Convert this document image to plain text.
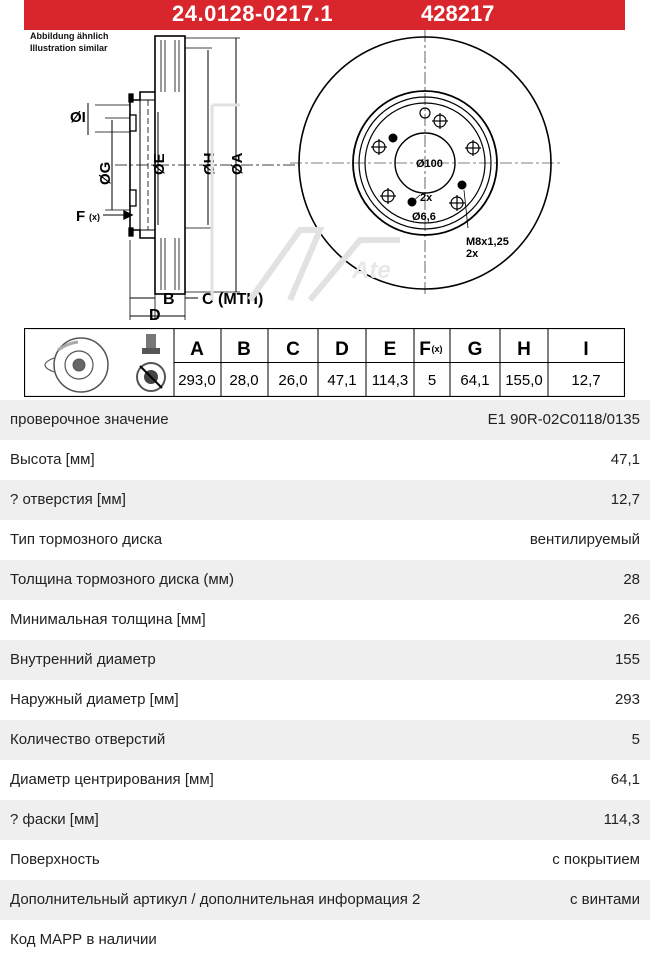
24.0128-0217.1	428217
Abbildung ähnlich
Illustration similar
ØI
ØG ØE ØH ØA
F (x)
B C (MTH)
D
Ø100
2x
Ø6,6
M8x1,25
2x
Ate
A B C D E F G H	I
(x)
293,0 28,0 26,0 47,1 114,3 5 64,1 155,0 12,7
проверочное значение	E1 90R-02C0118/0135
Высота [мм]	47,1
? отверстия [мм]	12,7
Тип тормозного диска	вентилируемый
Толщина тормозного диска (мм)	28
Минимальная толщина [мм]	26
Внутренний диаметр	155
Наружный диаметр [мм]	293
Количество отверстий	5
Диаметр центрирования [мм]	64,1
? фаски [мм]	114,3
Поверхность	с покрытием
Дополнительный артикул / дополнительная информация 2	с винтами
Код МАРР в наличии
